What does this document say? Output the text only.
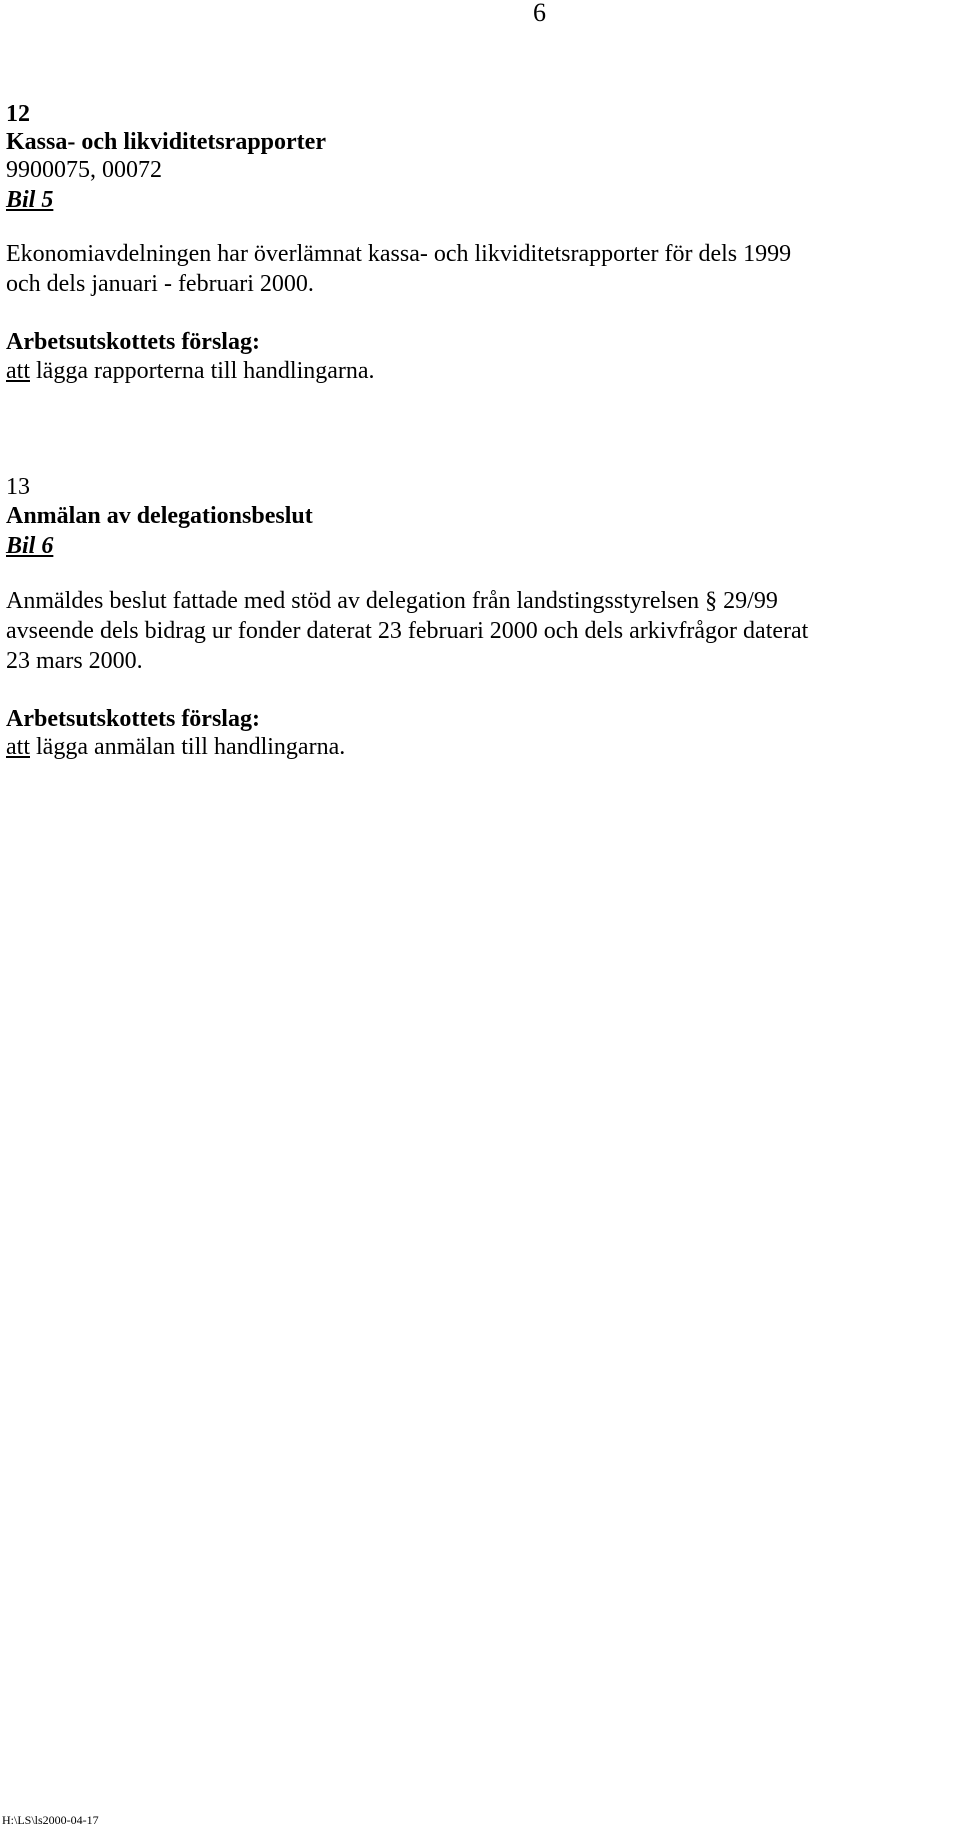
6
12
Kassa- och likviditetsrapporter
9900075, 00072
Bil 5
Ekonomiavdelningen har överlämnat kassa- och likviditetsrapporter för dels 1999
och dels januari - februari 2000.
Arbetsutskottets förslag:
att lägga rapporterna till handlingarna.
13
Anmälan av delegationsbeslut
Bil 6
Anmäldes beslut fattade med stöd av delegation från landstingsstyrelsen § 29/99
avseende dels bidrag ur fonder daterat 23 februari 2000 och dels arkivfrågor daterat
23 mars 2000.
Arbetsutskottets förslag:
att lägga anmälan till handlingarna.
H:\LS\ls2000-04-17
